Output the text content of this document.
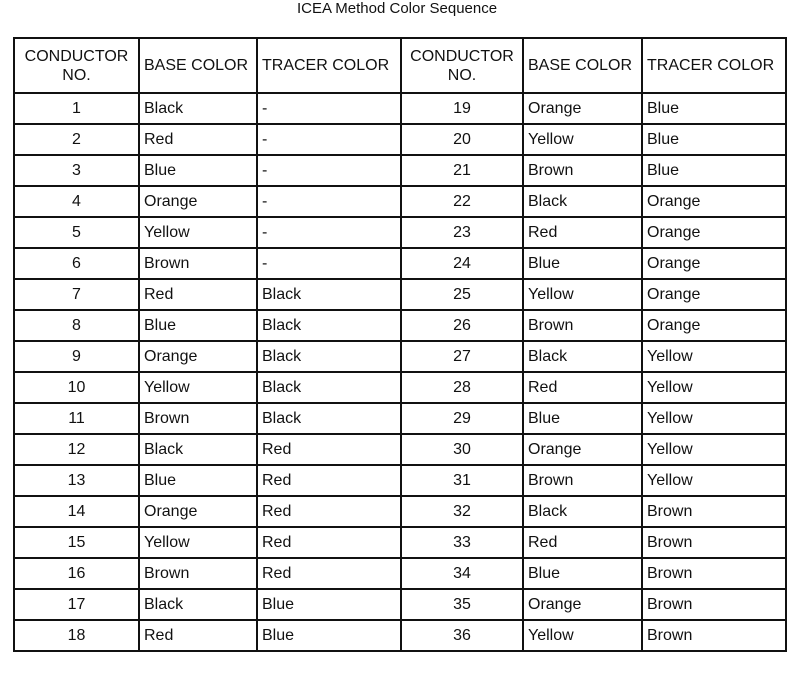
ICEA Method Color Sequence
CONDUCTOR NO.	BASE COLOR	TRACER COLOR	CONDUCTOR NO.	BASE COLOR	TRACER COLOR
1	Black	-	19	Orange	Blue
2	Red	-	20	Yellow	Blue
3	Blue	-	21	Brown	Blue
4	Orange	-	22	Black	Orange
5	Yellow	-	23	Red	Orange
6	Brown	-	24	Blue	Orange
7	Red	Black	25	Yellow	Orange
8	Blue	Black	26	Brown	Orange
9	Orange	Black	27	Black	Yellow
10	Yellow	Black	28	Red	Yellow
11	Brown	Black	29	Blue	Yellow
12	Black	Red	30	Orange	Yellow
13	Blue	Red	31	Brown	Yellow
14	Orange	Red	32	Black	Brown
15	Yellow	Red	33	Red	Brown
16	Brown	Red	34	Blue	Brown
17	Black	Blue	35	Orange	Brown
18	Red	Blue	36	Yellow	Brown
